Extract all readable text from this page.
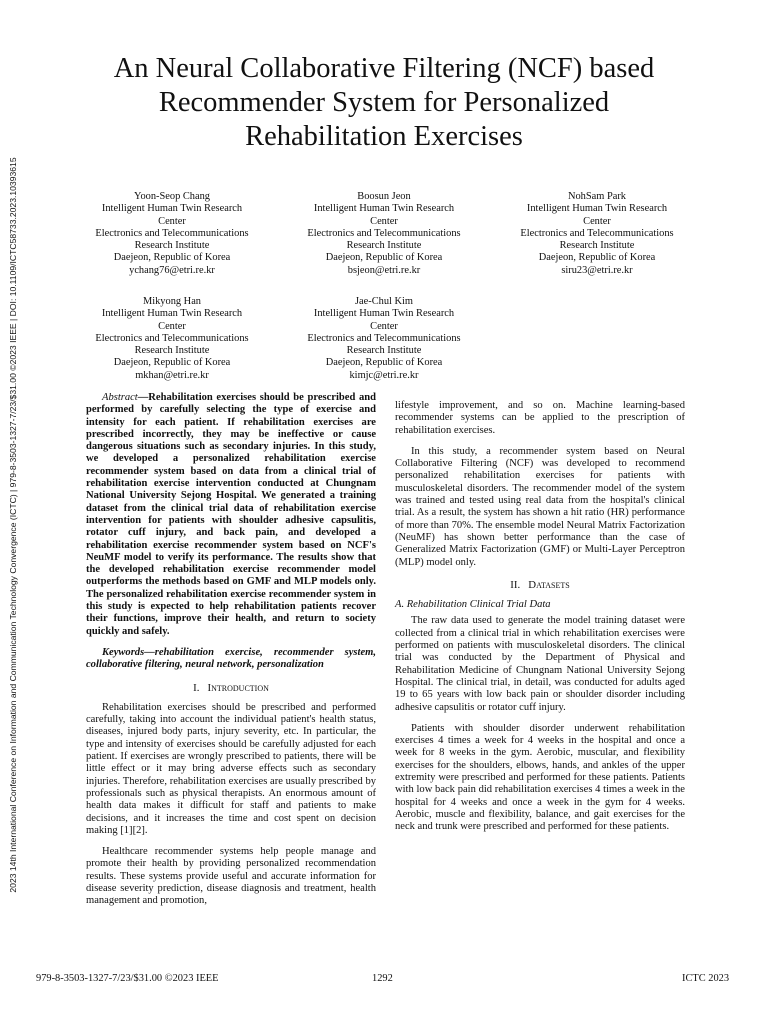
2023 14th International Conference on Information and Communication Technology Convergence (ICTC) | 979-8-3503-1327-7/23/$31.00 ©2023 IEEE | DOI: 10.1109/ICTC58733.2023.10393615
An Neural Collaborative Filtering (NCF) based
Recommender System for Personalized
Rehabilitation Exercises
Yoon-Seop Chang
Intelligent Human Twin Research
Center
Electronics and Telecommunications
Research Institute
Daejeon, Republic of Korea
ychang76@etri.re.kr
Boosun Jeon
Intelligent Human Twin Research
Center
Electronics and Telecommunications
Research Institute
Daejeon, Republic of Korea
bsjeon@etri.re.kr
NohSam Park
Intelligent Human Twin Research
Center
Electronics and Telecommunications
Research Institute
Daejeon, Republic of Korea
siru23@etri.re.kr
Mikyong Han
Intelligent Human Twin Research
Center
Electronics and Telecommunications
Research Institute
Daejeon, Republic of Korea
mkhan@etri.re.kr
Jae-Chul Kim
Intelligent Human Twin Research
Center
Electronics and Telecommunications
Research Institute
Daejeon, Republic of Korea
kimjc@etri.re.kr

Abstract—Rehabilitation exercises should be prescribed and performed by carefully selecting the type of exercise and intensity for each patient. If rehabilitation exercises are prescribed incorrectly, they may be ineffective or cause dangerous situations such as secondary injuries. In this study, we developed a personalized rehabilitation exercise recommender system based on data from a clinical trial of rehabilitation exercise intervention conducted at Chungnam National University Sejong Hospital. We generated a training dataset from the clinical trial data of rehabilitation exercise intervention for patients with shoulder adhesive capsulitis, rotator cuff injury, and back pain, and developed a rehabilitation exercise recommender system based on NCF's NeuMF model to verify its performance. The results show that the developed rehabilitation exercise recommender model outperforms the methods based on GMF and MLP models only. The personalized rehabilitation exercise recommender system in this study is expected to help rehabilitation patients recover their functions, improve their health, and return to society quickly and safely.

Keywords—rehabilitation exercise, recommender system, collaborative filtering, neural network, personalization

I. Introduction

Rehabilitation exercises should be prescribed and performed carefully, taking into account the individual patient's health status, diseases, injured body parts, injury severity, etc. In particular, the type and intensity of exercises should be carefully adjusted for each patient. If exercises are wrongly prescribed to patients, there will be little effect or it may bring adverse effects such as secondary injuries. Therefore, rehabilitation exercises are usually prescribed by professionals such as physical therapists. An enormous amount of health data makes it difficult for staff and patients to make decisions, and it increases the time and cost spent on decision making [1][2].

Healthcare recommender systems help people manage and promote their health by providing personalized recommendation results. These systems provide useful and accurate information for disease severity prediction, disease diagnosis and treatment, health management and promotion,

lifestyle improvement, and so on. Machine learning-based recommender systems can be applied to the prescription of rehabilitation exercises.

In this study, a recommender system based on Neural Collaborative Filtering (NCF) was developed to recommend personalized rehabilitation exercises for patients with musculoskeletal disorders. The recommender model of the system was trained and tested using real data from the hospital's clinical trial. As a result, the system has shown a hit ratio (HR) performance of more than 70%. The ensemble model Neural Matrix Factorization (NeuMF) has shown better performance than the case of Generalized Matrix Factorization (GMF) or Multi-Layer Perceptron (MLP) model only.

II. Datasets
A. Rehabilitation Clinical Trial Data

The raw data used to generate the model training dataset were collected from a clinical trial in which rehabilitation exercises were performed on patients with musculoskeletal disorders. The clinical trial was conducted by the Department of Physical and Rehabilitation Medicine of Chungnam National University Sejong Hospital. The clinical trial, in detail, was conducted for adults aged 19 to 65 years with low back pain or shoulder disorder including adhesive capsulitis or rotator cuff injury.

Patients with shoulder disorder underwent rehabilitation exercises 4 times a week for 4 weeks in the hospital and once a week for 8 weeks in the gym. Aerobic, muscular, and flexibility exercises for the shoulders, elbows, hands, and ankles of the upper extremity were prescribed and performed for these patients. Patients with low back pain did rehabilitation exercises 4 times a week in the hospital for 4 weeks and once a week in the gym for 4 weeks. Aerobic, muscle and flexibility, balance, and gait exercises for the neck and trunk were prescribed and performed for these patients.

979-8-3503-1327-7/23/$31.00 ©2023 IEEE	1292	ICTC 2023
